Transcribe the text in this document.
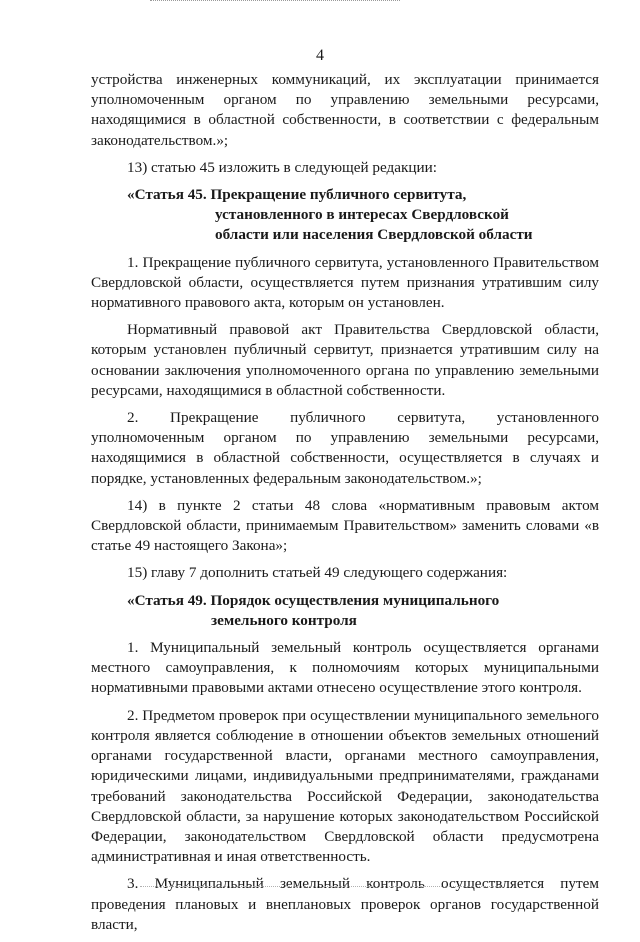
4

устройства инженерных коммуникаций, их эксплуатации принимается уполномоченным органом по управлению земельными ресурсами, находящимися в областной собственности, в соответствии с федеральным законодательством.»;

13) статью 45 изложить в следующей редакции:

«Статья 45. Прекращение публичного сервитута,
установленного в интересах Свердловской
области или населения Свердловской области

1. Прекращение публичного сервитута, установленного Правительством Свердловской области, осуществляется путем признания утратившим силу нормативного правового акта, которым он установлен.

Нормативный правовой акт Правительства Свердловской области, которым установлен публичный сервитут, признается утратившим силу на основании заключения уполномоченного органа по управлению земельными ресурсами, находящимися в областной собственности.

2. Прекращение публичного сервитута, установленного уполномоченным органом по управлению земельными ресурсами, находящимися в областной собственности, осуществляется в случаях и порядке, установленных федеральным законодательством.»;

14) в пункте 2 статьи 48 слова «нормативным правовым актом Свердловской области, принимаемым Правительством» заменить словами «в статье 49 настоящего Закона»;

15) главу 7 дополнить статьей 49 следующего содержания:

«Статья 49. Порядок осуществления муниципального
земельного контроля

1. Муниципальный земельный контроль осуществляется органами местного самоуправления, к полномочиям которых муниципальными нормативными правовыми актами отнесено осуществление этого контроля.

2. Предметом проверок при осуществлении муниципального земельного контроля является соблюдение в отношении объектов земельных отношений органами государственной власти, органами местного самоуправления, юридическими лицами, индивидуальными предпринимателями, гражданами требований законодательства Российской Федерации, законодательства Свердловской области, за нарушение которых законодательством Российской Федерации, законодательством Свердловской области предусмотрена административная и иная ответственность.

3. Муниципальный земельный контроль осуществляется путем проведения плановых и внеплановых проверок органов государственной власти,
